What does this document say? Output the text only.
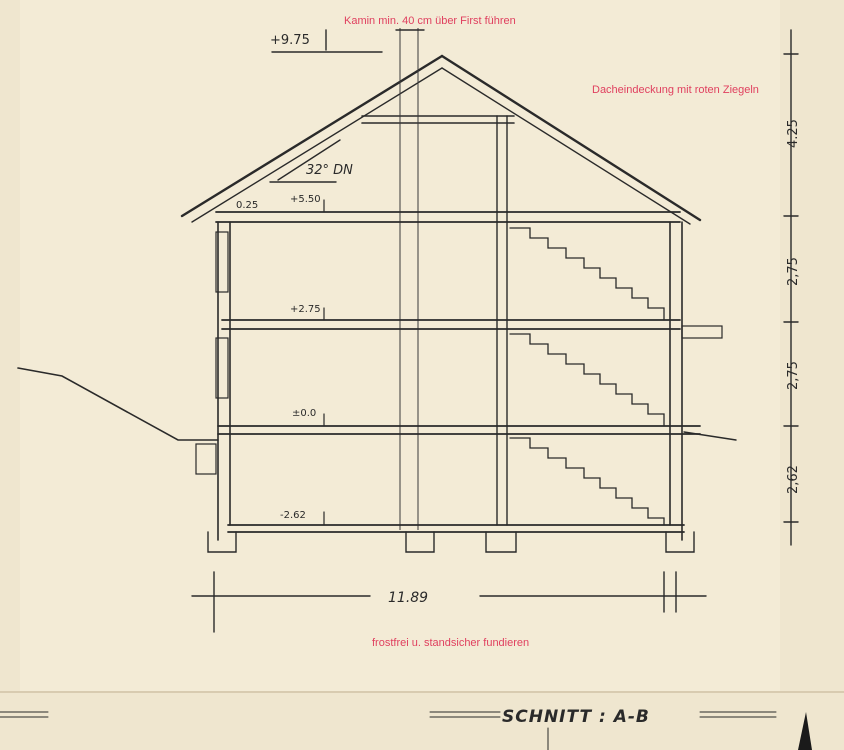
Kamin min. 40 cm über First führen
Dacheindeckung mit roten Ziegeln
frostfrei u. standsicher fundieren
+9.75
+5.50
0.25
+2.75
±0.0
-2.62
32° DN
4.25
2,75
2,75
2,62
11.89
SCHNITT : A-B
